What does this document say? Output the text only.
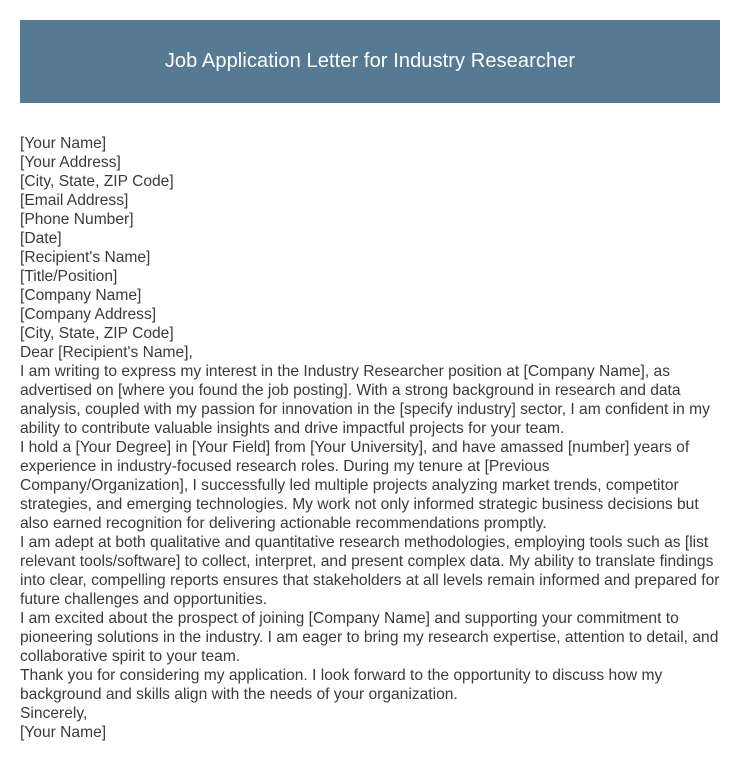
Job Application Letter for Industry Researcher

[Your Name]

[Your Address]

[City, State, ZIP Code]

[Email Address]

[Phone Number]

[Date]

[Recipient's Name]

[Title/Position]

[Company Name]

[Company Address]

[City, State, ZIP Code]

Dear [Recipient's Name],

I am writing to express my interest in the Industry Researcher position at [Company Name], as advertised on [where you found the job posting]. With a strong background in research and data analysis, coupled with my passion for innovation in the [specify industry] sector, I am confident in my ability to contribute valuable insights and drive impactful projects for your team.

I hold a [Your Degree] in [Your Field] from [Your University], and have amassed [number] years of experience in industry-focused research roles. During my tenure at [Previous Company/Organization], I successfully led multiple projects analyzing market trends, competitor strategies, and emerging technologies. My work not only informed strategic business decisions but also earned recognition for delivering actionable recommendations promptly.

I am adept at both qualitative and quantitative research methodologies, employing tools such as [list relevant tools/software] to collect, interpret, and present complex data. My ability to translate findings into clear, compelling reports ensures that stakeholders at all levels remain informed and prepared for future challenges and opportunities.

I am excited about the prospect of joining [Company Name] and supporting your commitment to pioneering solutions in the industry. I am eager to bring my research expertise, attention to detail, and collaborative spirit to your team.

Thank you for considering my application. I look forward to the opportunity to discuss how my background and skills align with the needs of your organization.

Sincerely,

[Your Name]
